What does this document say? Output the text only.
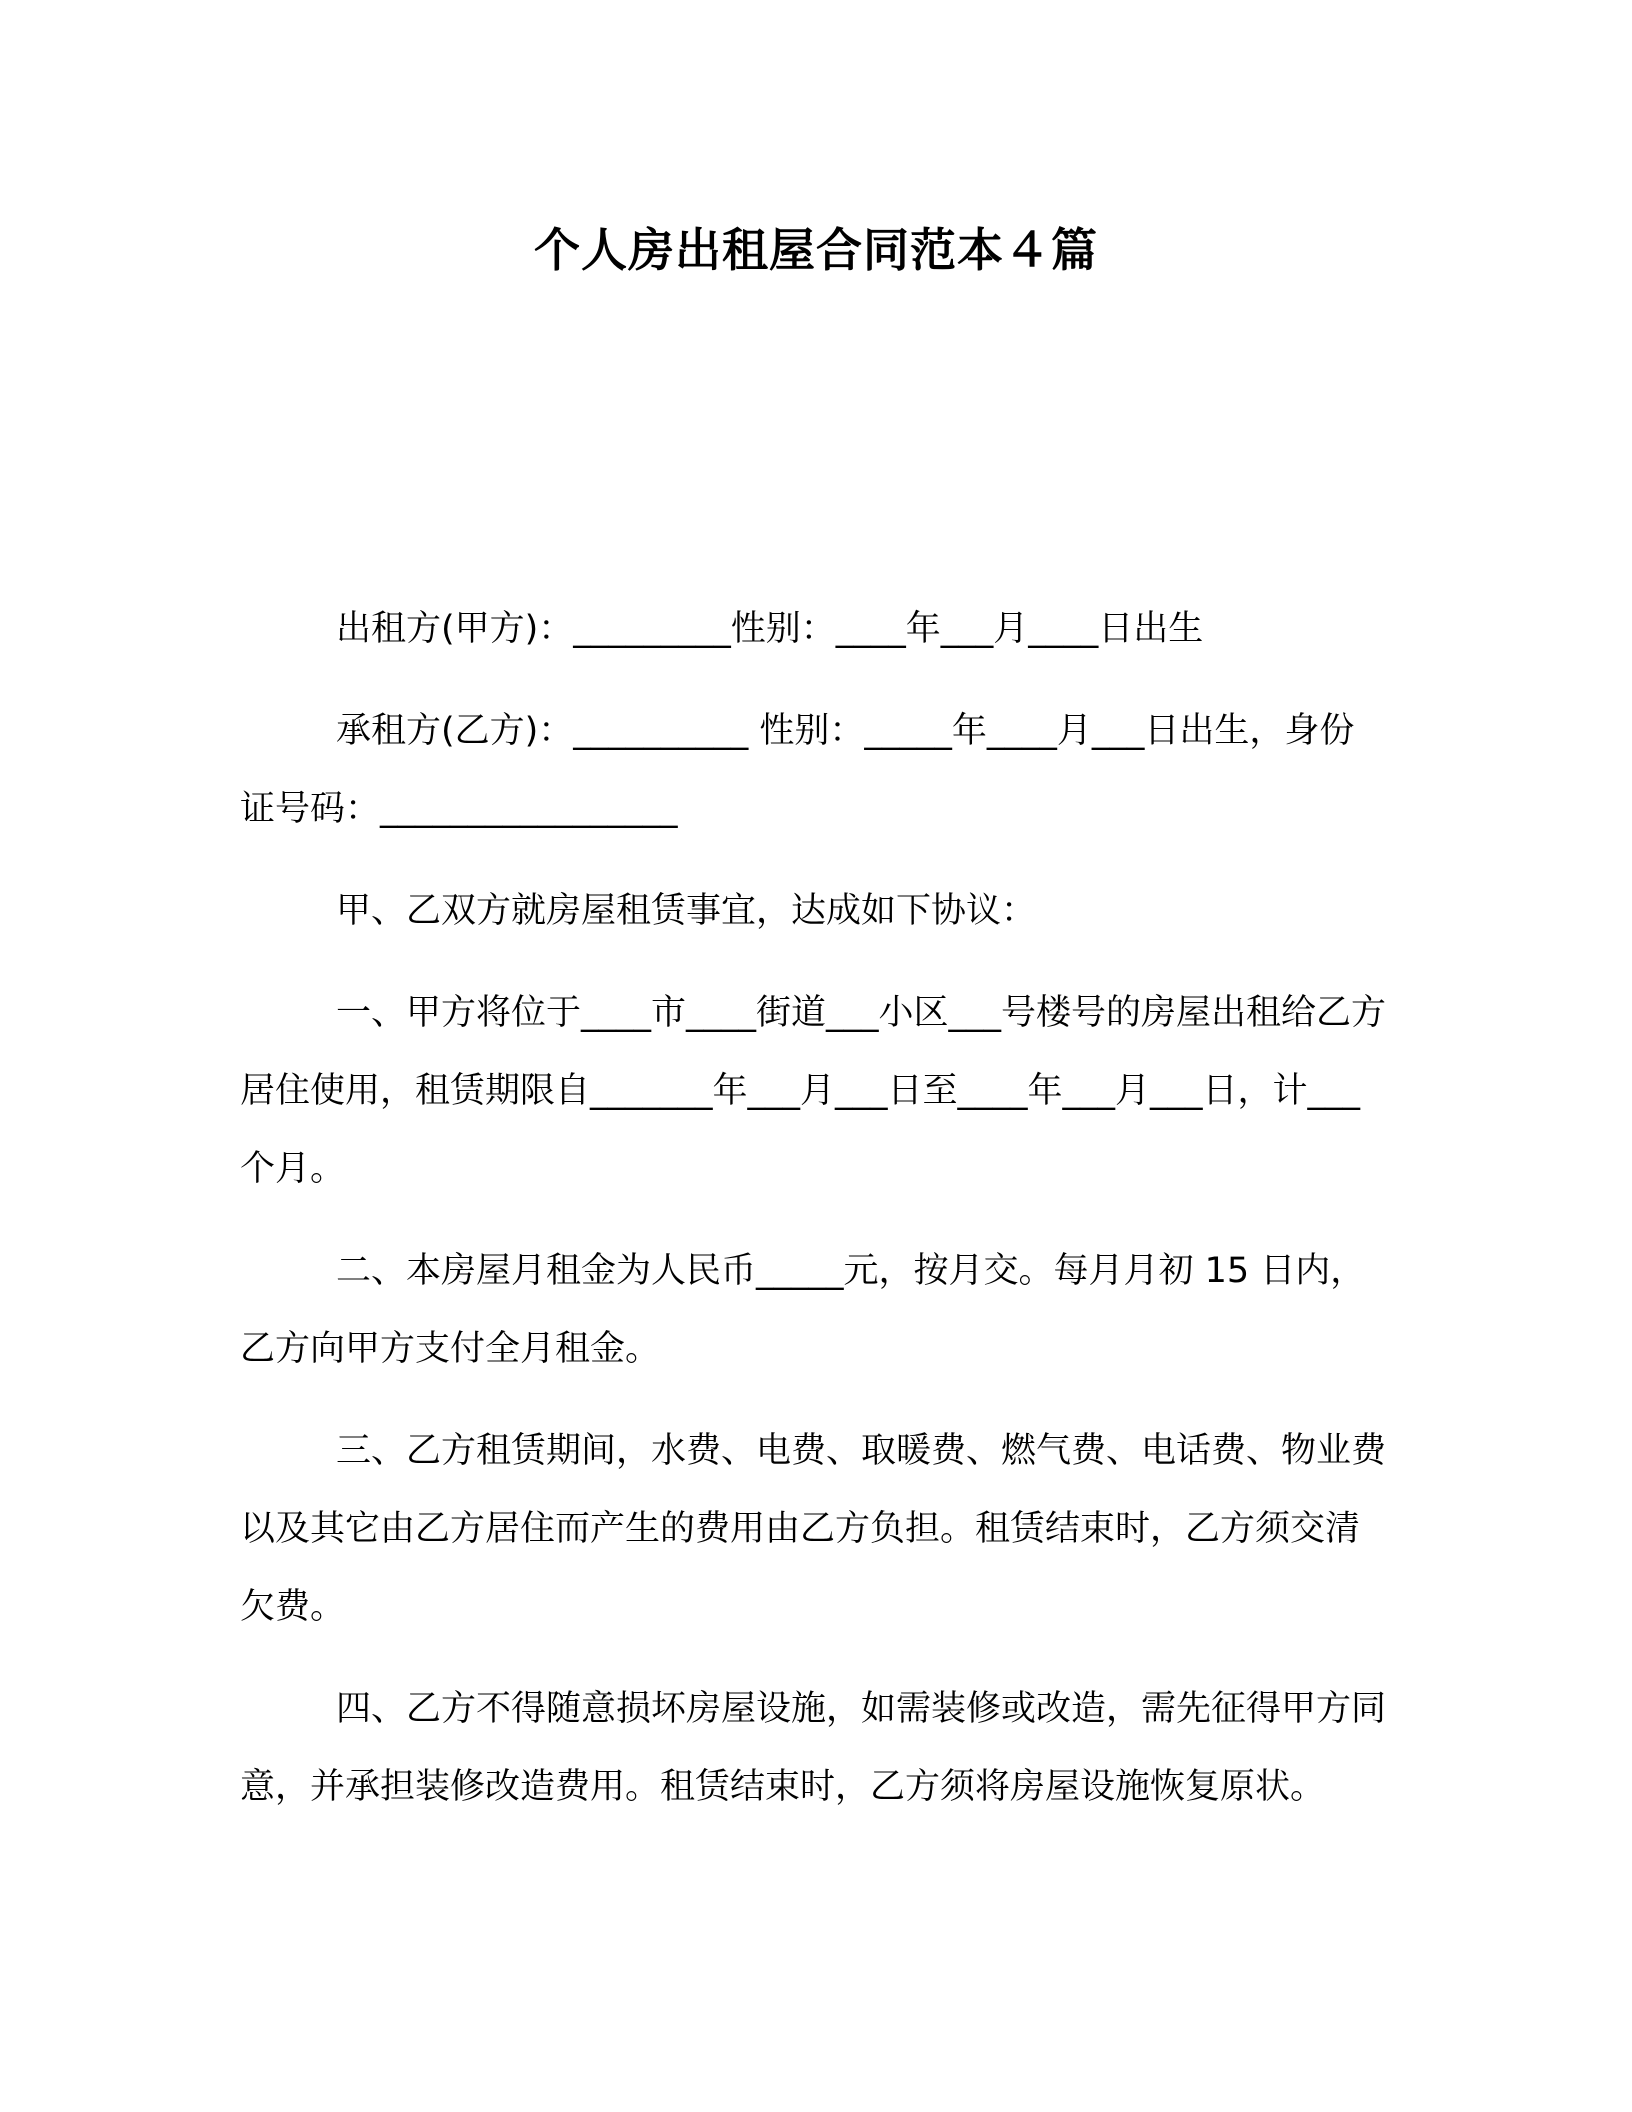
个人房出租屋合同范本４篇

出租方(甲方)：_________性别：____年___月____日出生

承租方(乙方)：__________ 性别：_____年____月___日出生，身份证号码：_________________

甲、乙双方就房屋租赁事宜，达成如下协议：

一、甲方将位于____市____街道___小区___号楼号的房屋出租给乙方居住使用，租赁期限自_______年___月___日至____年___月___日，计___个月。

二、本房屋月租金为人民币_____元，按月交。每月月初 15 日内，乙方向甲方支付全月租金。

三、乙方租赁期间，水费、电费、取暖费、燃气费、电话费、物业费以及其它由乙方居住而产生的费用由乙方负担。租赁结束时，乙方须交清欠费。

四、乙方不得随意损坏房屋设施，如需装修或改造，需先征得甲方同意，并承担装修改造费用。租赁结束时，乙方须将房屋设施恢复原状。
